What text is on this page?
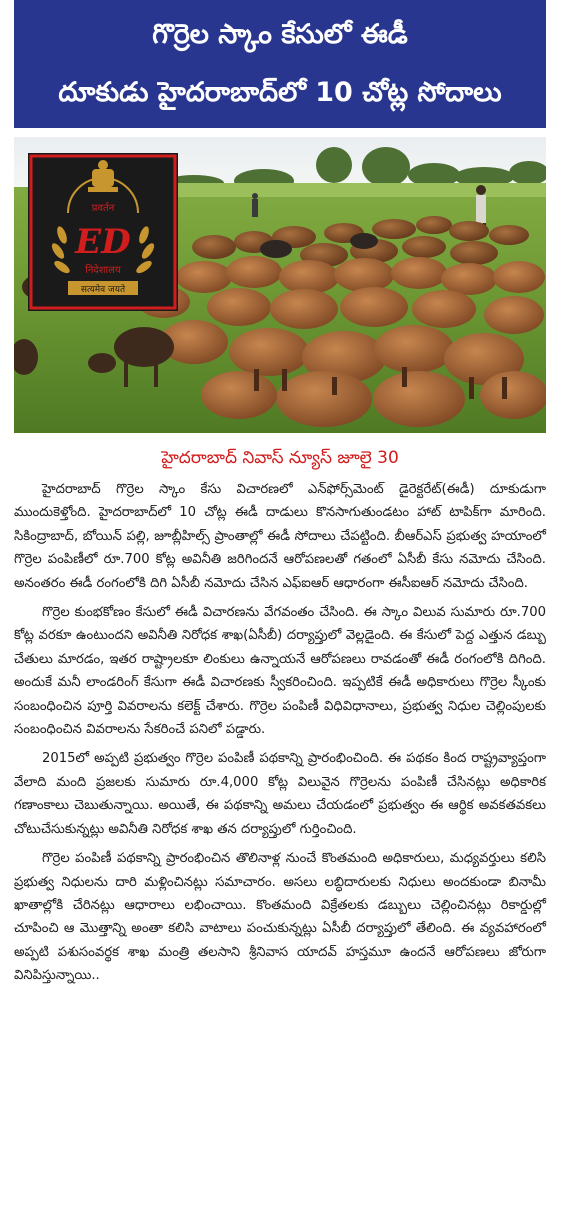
గొర్రెల స్కాం కేసులో ఈడీ
దూకుడు హైదరాబాద్‌లో 10 చోట్ల సోదాలు
प्रवर्तन
ED
निदेशालय
सत्यमेव जयते
హైదరాబాద్ నివాస్ న్యూస్ జూలై 30

హైదరాబాద్ గొర్రెల స్కాం కేసు విచారణలో ఎన్‌ఫోర్స్‌మెంట్ డైరెక్టరేట్(ఈడీ) దూకుడుగా ముందుకెళ్తోంది. హైదరాబాద్‌లో 10 చోట్ల ఈడీ దాడులు కొనసాగుతుండటం హాట్ టాపిక్‌గా మారింది. సికింద్రాబాద్, బోయిన్ పల్లి, జూబ్లీహిల్స్ ప్రాంతాల్లో ఈడీ సోదాలు చేపట్టింది. బీఆర్ఎస్ ప్రభుత్వ హయాంలో గొర్రెల పంపిణీలో రూ.700 కోట్ల అవినీతి జరిగిందనే ఆరోపణలతో గతంలో ఏసీబీ కేసు నమోదు చేసింది. అనంతరం ఈడీ రంగంలోకి దిగి ఏసీబీ నమోదు చేసిన ఎఫ్ఐఆర్ ఆధారంగా ఈసీఐఆర్ నమోదు చేసింది.

గొర్రెల కుంభకోణం కేసులో ఈడీ విచారణను వేగవంతం చేసింది. ఈ స్కాం విలువ సుమారు రూ.700 కోట్ల వరకూ ఉంటుందని అవినీతి నిరోధక శాఖ(ఏసీబీ) దర్యాప్తులో వెల్లడైంది. ఈ కేసులో పెద్ద ఎత్తున డబ్బు చేతులు మారడం, ఇతర రాష్ట్రాలకూ లింకులు ఉన్నాయనే ఆరోపణలు రావడంతో ఈడీ రంగంలోకి దిగింది. అందుకే మనీ లాండరింగ్ కేసుగా ఈడీ విచారణకు స్వీకరించింది. ఇప్పటికే ఈడీ అధికారులు గొర్రెల స్కీంకు సంబంధించిన పూర్తి వివరాలను కలెక్ట్ చేశారు. గొర్రెల పంపిణీ విధివిధానాలు, ప్రభుత్వ నిధుల చెల్లింపులకు సంబంధించిన వివరాలను సేకరించే పనిలో పడ్డారు.

2015లో అప్పటి ప్రభుత్వం గొర్రెల పంపిణీ పథకాన్ని ప్రారంభించింది. ఈ పథకం కింద రాష్ట్రవ్యాప్తంగా వేలాది మంది ప్రజలకు సుమారు రూ.4,000 కోట్ల విలువైన గొర్రెలను పంపిణీ చేసినట్లు అధికారిక గణాంకాలు చెబుతున్నాయి. అయితే, ఈ పథకాన్ని అమలు చేయడంలో ప్రభుత్వం ఈ ఆర్థిక అవకతవకలు చోటుచేసుకున్నట్లు అవినీతి నిరోధక శాఖ తన దర్యాప్తులో గుర్తించింది.

గొర్రెల పంపిణీ పథకాన్ని ప్రారంభించిన తొలినాళ్ల నుంచే కొంతమంది అధికారులు, మధ్యవర్తులు కలిసి ప్రభుత్వ నిధులను దారి మళ్లించినట్లు సమాచారం. అసలు లబ్ధిదారులకు నిధులు అందకుండా బినామీ ఖాతాల్లోకి చేరినట్లు ఆధారాలు లభించాయి. కొంతమంది విక్రేతలకు డబ్బులు చెల్లించినట్లు రికార్డుల్లో చూపించి ఆ మొత్తాన్ని అంతా కలిసి వాటాలు పంచుకున్నట్లు ఏసీబీ దర్యాప్తులో తేలింది. ఈ వ్యవహారంలో అప్పటి పశుసంవర్థక శాఖ మంత్రి తలసాని శ్రీనివాస యాదవ్ హస్తమూ ఉందనే ఆరోపణలు జోరుగా వినిపిస్తున్నాయి..
